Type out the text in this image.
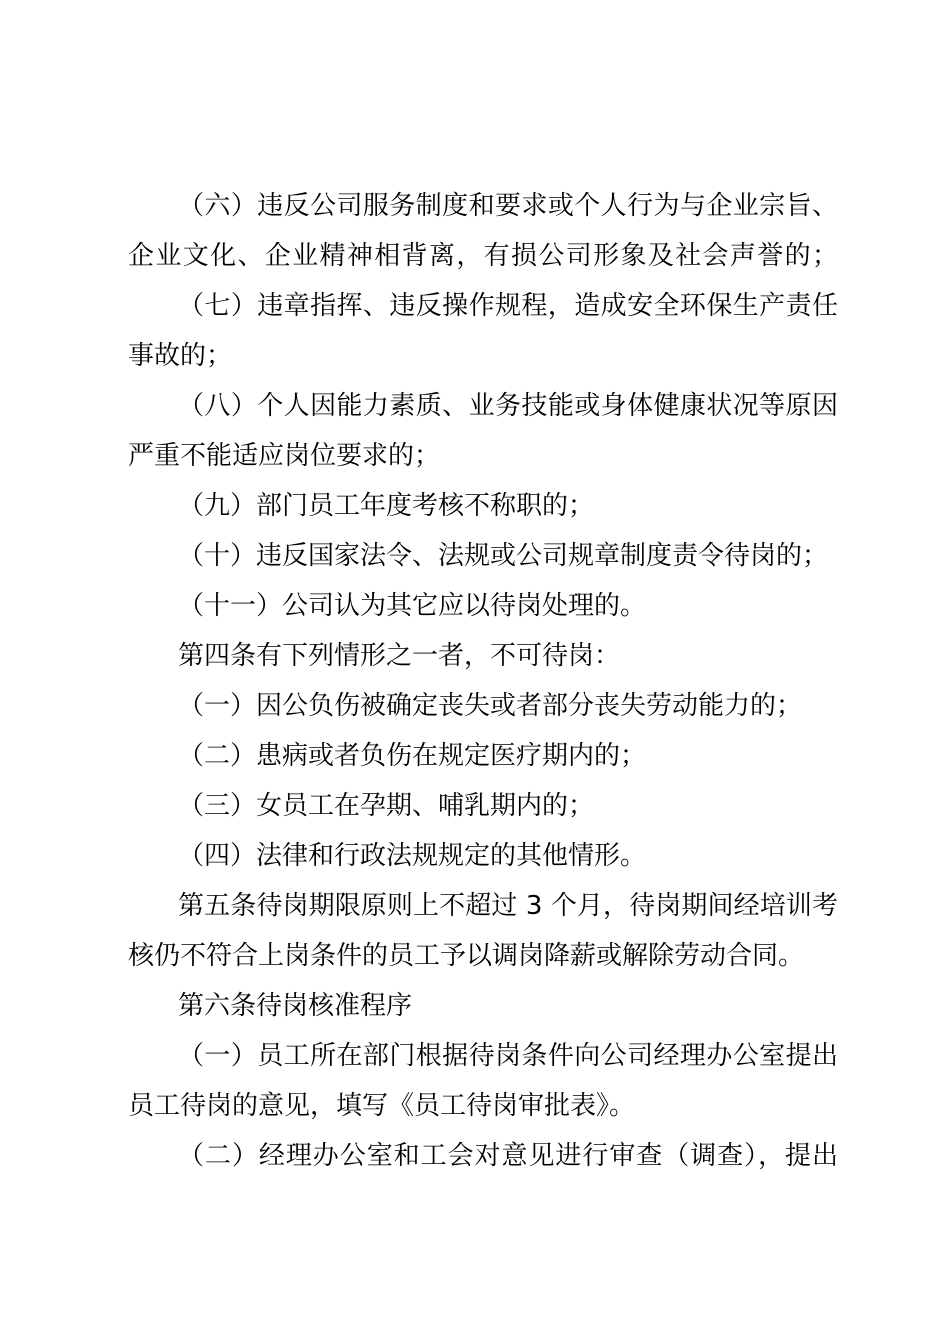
（六）违反公司服务制度和要求或个人行为与企业宗旨、
企业文化、企业精神相背离，有损公司形象及社会声誉的；
（七）违章指挥、违反操作规程，造成安全环保生产责任
事故的；
（八）个人因能力素质、业务技能或身体健康状况等原因
严重不能适应岗位要求的；
（九）部门员工年度考核不称职的；
（十）违反国家法令、法规或公司规章制度责令待岗的；
（十一）公司认为其它应以待岗处理的。
第四条有下列情形之一者，不可待岗：
（一）因公负伤被确定丧失或者部分丧失劳动能力的；
（二）患病或者负伤在规定医疗期内的；
（三）女员工在孕期、哺乳期内的；
（四）法律和行政法规规定的其他情形。
第五条待岗期限原则上不超过 3 个月，待岗期间经培训考
核仍不符合上岗条件的员工予以调岗降薪或解除劳动合同。
第六条待岗核准程序
（一）员工所在部门根据待岗条件向公司经理办公室提出
员工待岗的意见，填写《员工待岗审批表》。
（二）经理办公室和工会对意见进行审查（调查），提出
